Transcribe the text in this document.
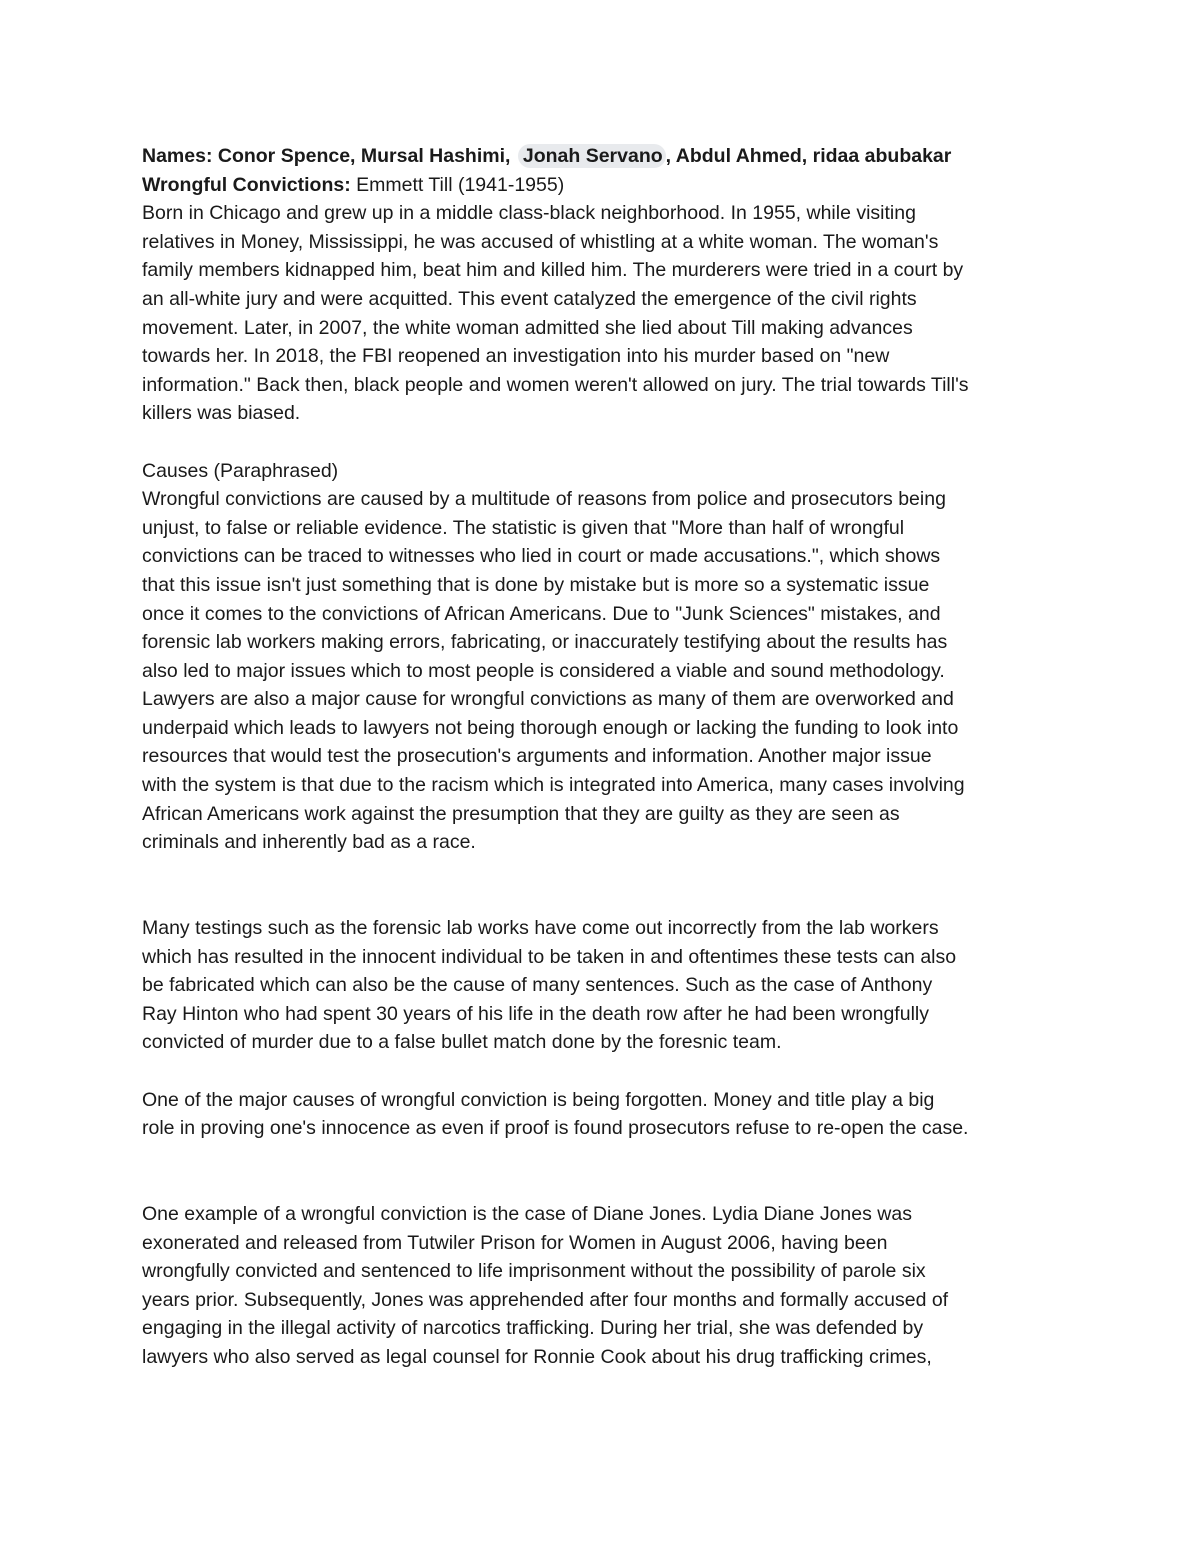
Names: Conor Spence, Mursal Hashimi, Jonah Servano , Abdul Ahmed, ridaa abubakar
Wrongful Convictions: Emmett Till (1941-1955)
Born in Chicago and grew up in a middle class-black neighborhood. In 1955, while visiting
relatives in Money, Mississippi, he was accused of whistling at a white woman. The woman's
family members kidnapped him, beat him and killed him. The murderers were tried in a court by
an all-white jury and were acquitted. This event catalyzed the emergence of the civil rights
movement. Later, in 2007, the white woman admitted she lied about Till making advances
towards her. In 2018, the FBI reopened an investigation into his murder based on "new
information." Back then, black people and women weren't allowed on jury. The trial towards Till's
killers was biased.
Causes (Paraphrased)
Wrongful convictions are caused by a multitude of reasons from police and prosecutors being
unjust, to false or reliable evidence. The statistic is given that "More than half of wrongful
convictions can be traced to witnesses who lied in court or made accusations.", which shows
that this issue isn't just something that is done by mistake but is more so a systematic issue
once it comes to the convictions of African Americans. Due to "Junk Sciences" mistakes, and
forensic lab workers making errors, fabricating, or inaccurately testifying about the results has
also led to major issues which to most people is considered a viable and sound methodology.
Lawyers are also a major cause for wrongful convictions as many of them are overworked and
underpaid which leads to lawyers not being thorough enough or lacking the funding to look into
resources that would test the prosecution's arguments and information. Another major issue
with the system is that due to the racism which is integrated into America, many cases involving
African Americans work against the presumption that they are guilty as they are seen as
criminals and inherently bad as a race.
Many testings such as the forensic lab works have come out incorrectly from the lab workers
which has resulted in the innocent individual to be taken in and oftentimes these tests can also
be fabricated which can also be the cause of many sentences. Such as the case of Anthony
Ray Hinton who had spent 30 years of his life in the death row after he had been wrongfully
convicted of murder due to a false bullet match done by the foresnic team.
One of the major causes of wrongful conviction is being forgotten. Money and title play a big
role in proving one's innocence as even if proof is found prosecutors refuse to re-open the case.
One example of a wrongful conviction is the case of Diane Jones. Lydia Diane Jones was
exonerated and released from Tutwiler Prison for Women in August 2006, having been
wrongfully convicted and sentenced to life imprisonment without the possibility of parole six
years prior. Subsequently, Jones was apprehended after four months and formally accused of
engaging in the illegal activity of narcotics trafficking. During her trial, she was defended by
lawyers who also served as legal counsel for Ronnie Cook about his drug trafficking crimes,
